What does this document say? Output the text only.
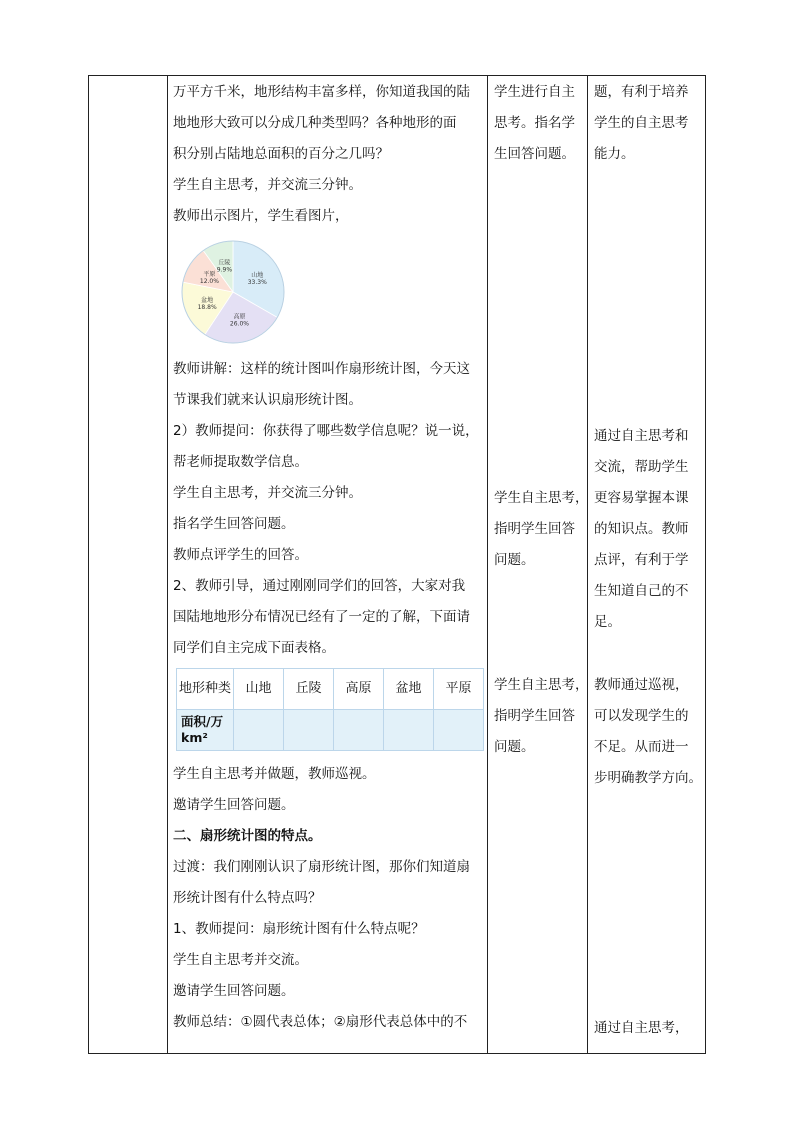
万平方千米，地形结构丰富多样，你知道我国的陆

地地形大致可以分成几种类型吗？各种地形的面

积分别占陆地总面积的百分之几吗？

学生自主思考，并交流三分钟。

教师出示图片，学生看图片，

山地
33.3%
高原
26.0%
盆地
18.8%
平原
12.0%
丘陵
9.9%

教师讲解：这样的统计图叫作扇形统计图，今天这

节课我们就来认识扇形统计图。

2）教师提问：你获得了哪些数学信息呢？说一说，

帮老师提取数学信息。

学生自主思考，并交流三分钟。

指名学生回答问题。

教师点评学生的回答。

2、教师引导，通过刚刚同学们的回答，大家对我

国陆地地形分布情况已经有了一定的了解，下面请

同学们自主完成下面表格。

地形种类	山地	丘陵	高原	盆地	平原
面积/万km²					

学生自主思考并做题，教师巡视。

邀请学生回答问题。

二、扇形统计图的特点。

过渡：我们刚刚认识了扇形统计图，那你们知道扇

形统计图有什么特点吗？

1、教师提问：扇形统计图有什么特点呢？

学生自主思考并交流。

邀请学生回答问题。

教师总结：①圆代表总体；②扇形代表总体中的不

学生进行自主

思考。指名学

生回答问题。

学生自主思考，

指明学生回答

问题。

学生自主思考，

指明学生回答

问题。

题，有利于培养

学生的自主思考

能力。

通过自主思考和

交流，帮助学生

更容易掌握本课

的知识点。教师

点评，有利于学

生知道自己的不

足。

教师通过巡视，

可以发现学生的

不足。从而进一

步明确教学方向。

通过自主思考，
